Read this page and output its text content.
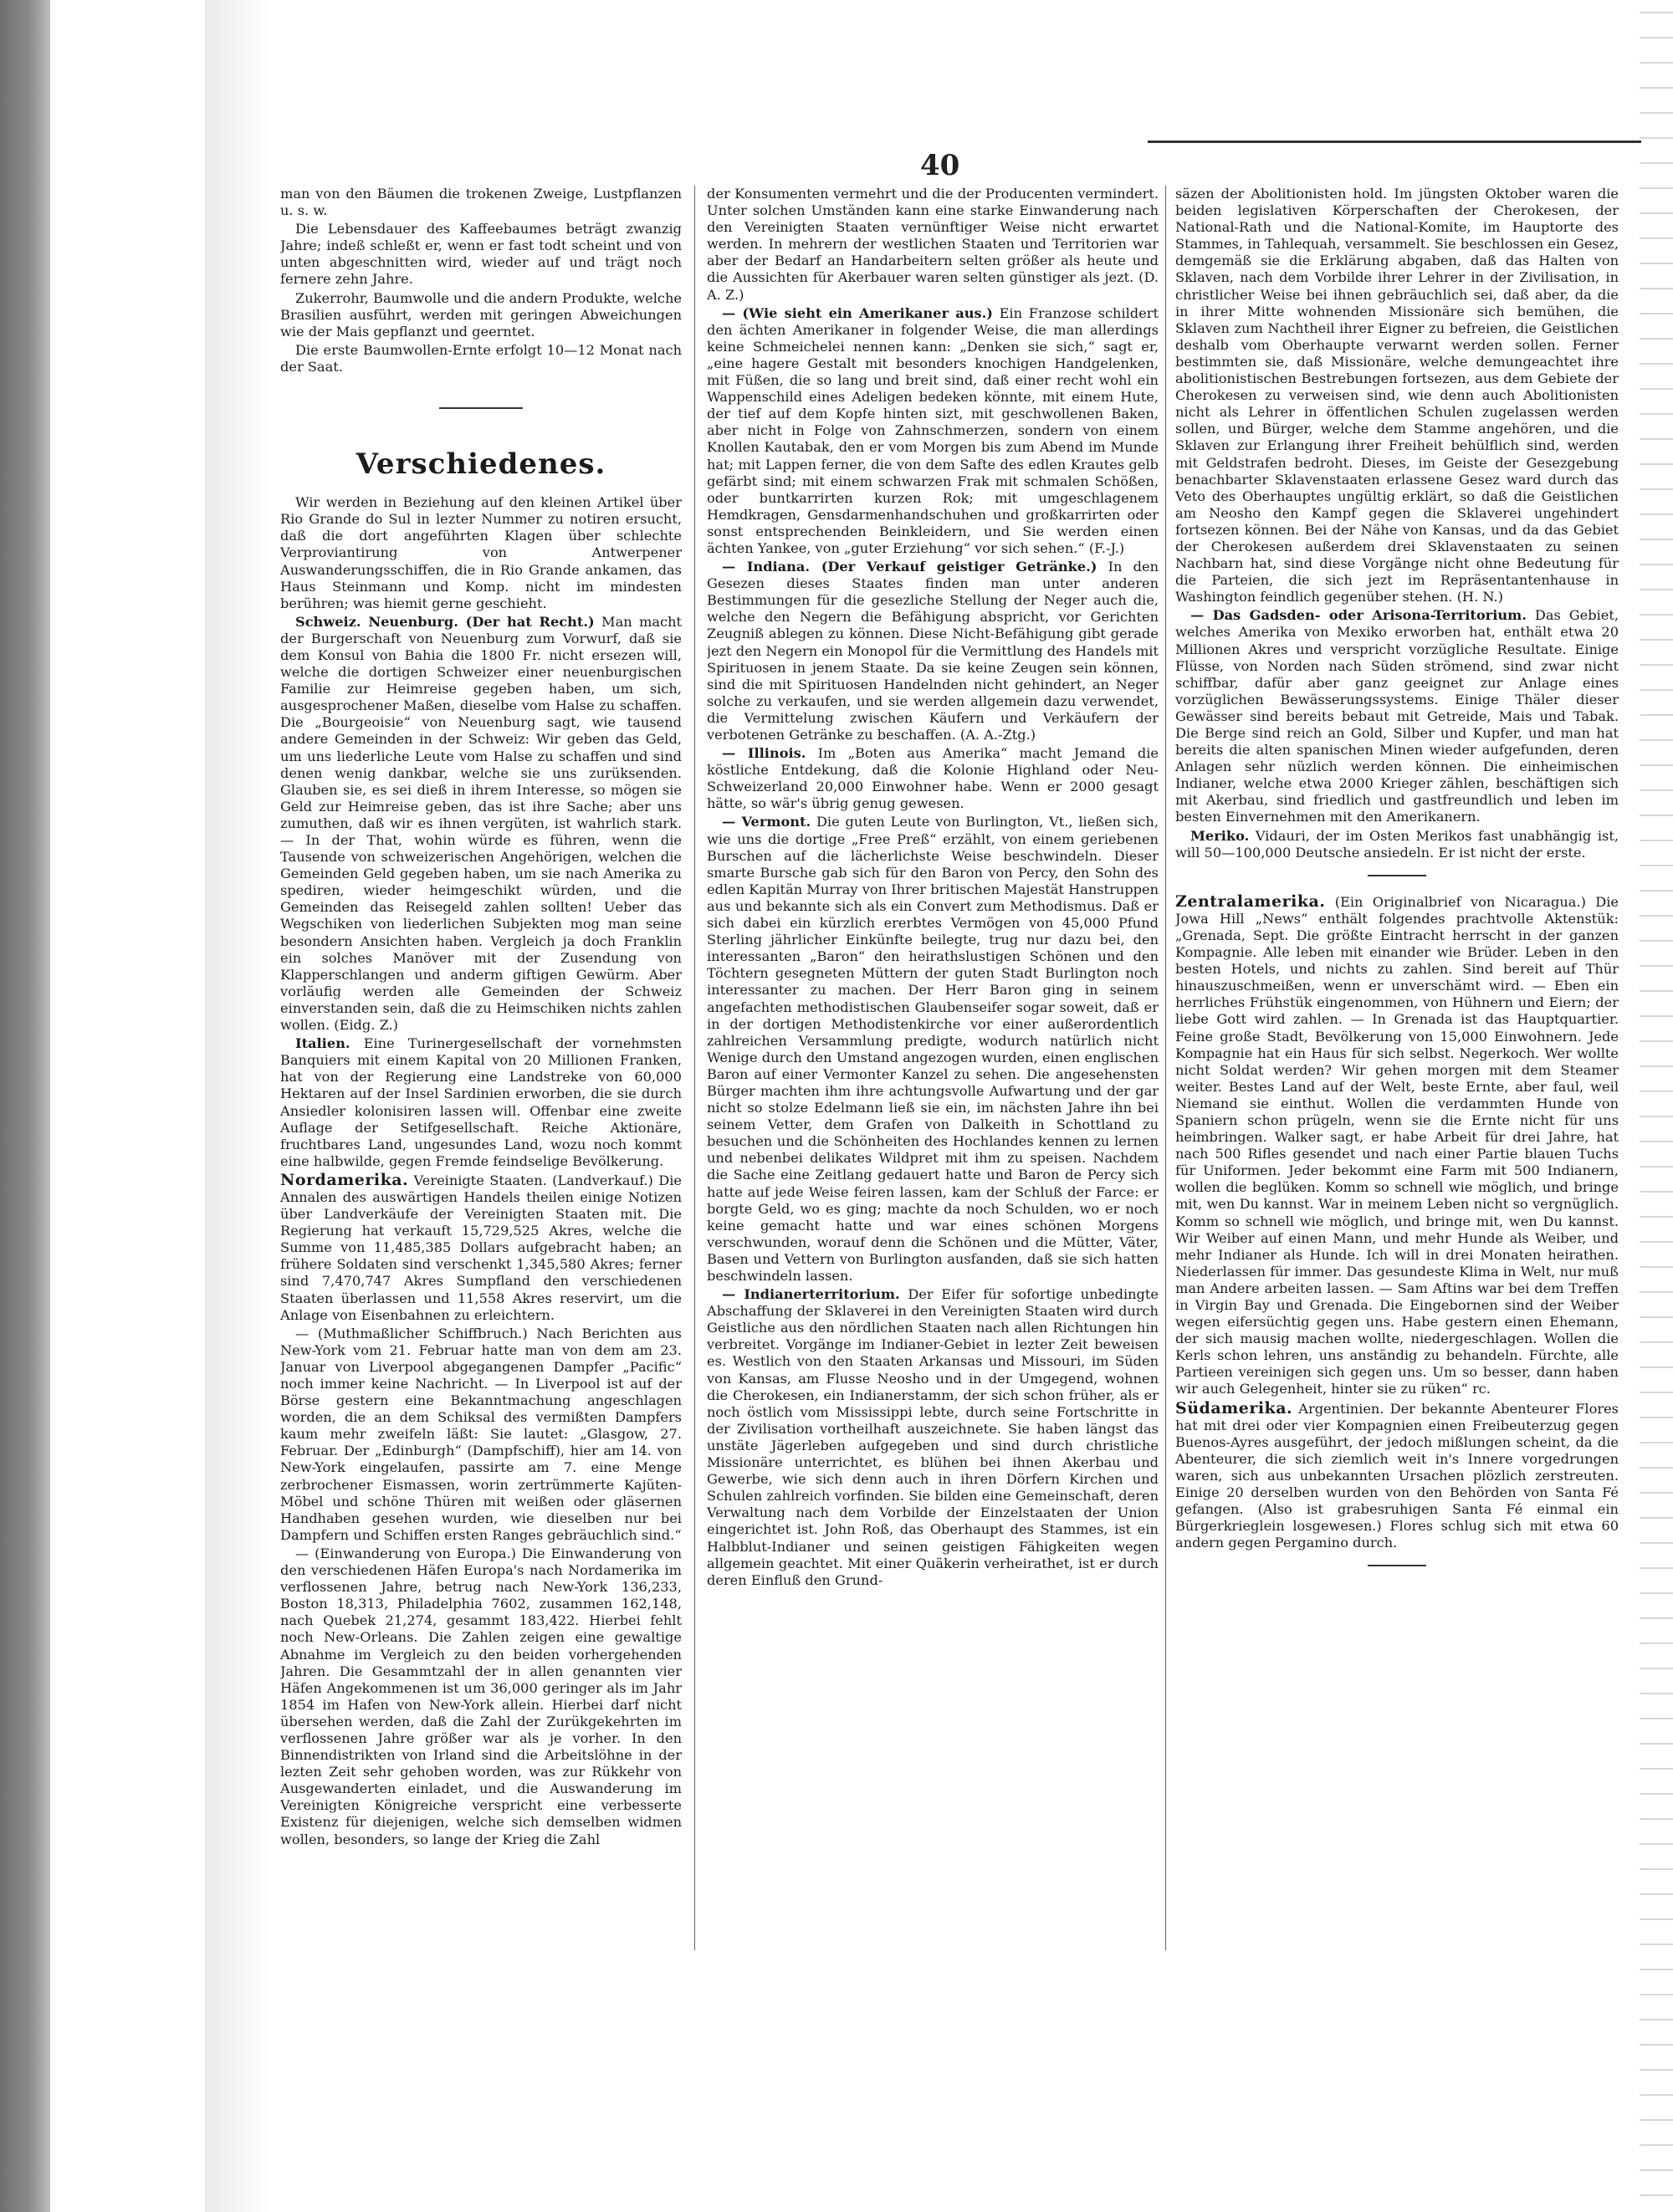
40

man von den Bäumen die trokenen Zweige, Lustpflanzen u. s. w.

Die Lebensdauer des Kaffeebaumes beträgt zwanzig Jahre; indeß schleßt er, wenn er fast todt scheint und von unten abgeschnitten wird, wieder auf und trägt noch fernere zehn Jahre.

Zukerrohr, Baumwolle und die andern Produkte, welche Brasilien ausführt, werden mit geringen Abweichungen wie der Mais gepflanzt und geerntet.

Die erste Baumwollen-Ernte erfolgt 10—12 Monat nach der Saat.

Verschiedenes.

Wir werden in Beziehung auf den kleinen Artikel über Rio Grande do Sul in lezter Nummer zu notiren ersucht, daß die dort angeführten Klagen über schlechte Verproviantirung von Antwerpener Auswanderungsschiffen, die in Rio Grande ankamen, das Haus Steinmann und Komp. nicht im mindesten berühren; was hiemit gerne geschieht.

Schweiz. Neuenburg. (Der hat Recht.) Man macht der Burgerschaft von Neuenburg zum Vorwurf, daß sie dem Konsul von Bahia die 1800 Fr. nicht ersezen will, welche die dortigen Schweizer einer neuenburgischen Familie zur Heimreise gegeben haben, um sich, ausgesprochener Maßen, dieselbe vom Halse zu schaffen. Die „Bourgeoisie“ von Neuenburg sagt, wie tausend andere Gemeinden in der Schweiz: Wir geben das Geld, um uns liederliche Leute vom Halse zu schaffen und sind denen wenig dankbar, welche sie uns zurüksenden. Glauben sie, es sei dieß in ihrem Interesse, so mögen sie Geld zur Heimreise geben, das ist ihre Sache; aber uns zumuthen, daß wir es ihnen vergüten, ist wahrlich stark. — In der That, wohin würde es führen, wenn die Tausende von schweizerischen Angehörigen, welchen die Gemeinden Geld gegeben haben, um sie nach Amerika zu spediren, wieder heimgeschikt würden, und die Gemeinden das Reisegeld zahlen sollten! Ueber das Wegschiken von liederlichen Subjekten mog man seine besondern Ansichten haben. Vergleich ja doch Franklin ein solches Manöver mit der Zusendung von Klapperschlangen und anderm giftigen Gewürm. Aber vorläufig werden alle Gemeinden der Schweiz einverstanden sein, daß die zu Heimschiken nichts zahlen wollen. (Eidg. Z.)

Italien. Eine Turinergesellschaft der vornehmsten Banquiers mit einem Kapital von 20 Millionen Franken, hat von der Regierung eine Landstreke von 60,000 Hektaren auf der Insel Sardinien erworben, die sie durch Ansiedler kolonisiren lassen will. Offenbar eine zweite Auflage der Setifgesellschaft. Reiche Aktionäre, fruchtbares Land, ungesundes Land, wozu noch kommt eine halbwilde, gegen Fremde feindselige Bevölkerung.

Nordamerika. Vereinigte Staaten. (Landverkauf.) Die Annalen des auswärtigen Handels theilen einige Notizen über Landverkäufe der Vereinigten Staaten mit. Die Regierung hat verkauft 15,729,525 Akres, welche die Summe von 11,485,385 Dollars aufgebracht haben; an frühere Soldaten sind verschenkt 1,345,580 Akres; ferner sind 7,470,747 Akres Sumpfland den verschiedenen Staaten überlassen und 11,558 Akres reservirt, um die Anlage von Eisenbahnen zu erleichtern.

— (Muthmaßlicher Schiffbruch.) Nach Berichten aus New-York vom 21. Februar hatte man von dem am 23. Januar von Liverpool abgegangenen Dampfer „Pacific“ noch immer keine Nachricht. — In Liverpool ist auf der Börse gestern eine Bekanntmachung angeschlagen worden, die an dem Schiksal des vermißten Dampfers kaum mehr zweifeln läßt: Sie lautet: „Glasgow, 27. Februar. Der „Edinburgh“ (Dampfschiff), hier am 14. von New-York eingelaufen, passirte am 7. eine Menge zerbrochener Eismassen, worin zertrümmerte Kajüten-Möbel und schöne Thüren mit weißen oder gläsernen Handhaben gesehen wurden, wie dieselben nur bei Dampfern und Schiffen ersten Ranges gebräuchlich sind.“

— (Einwanderung von Europa.) Die Einwanderung von den verschiedenen Häfen Europa's nach Nordamerika im verflossenen Jahre, betrug nach New-York 136,233, Boston 18,313, Philadelphia 7602, zusammen 162,148, nach Quebek 21,274, gesammt 183,422. Hierbei fehlt noch New-Orleans. Die Zahlen zeigen eine gewaltige Abnahme im Vergleich zu den beiden vorhergehenden Jahren. Die Gesammtzahl der in allen genannten vier Häfen Angekommenen ist um 36,000 geringer als im Jahr 1854 im Hafen von New-York allein. Hierbei darf nicht übersehen werden, daß die Zahl der Zurükgekehrten im verflossenen Jahre größer war als je vorher. In den Binnendistrikten von Irland sind die Arbeitslöhne in der lezten Zeit sehr gehoben worden, was zur Rükkehr von Ausgewanderten einladet, und die Auswanderung im Vereinigten Königreiche verspricht eine verbesserte Existenz für diejenigen, welche sich demselben widmen wollen, besonders, so lange der Krieg die Zahl

der Konsumenten vermehrt und die der Producenten vermindert. Unter solchen Umständen kann eine starke Einwanderung nach den Vereinigten Staaten vernünftiger Weise nicht erwartet werden. In mehrern der westlichen Staaten und Territorien war aber der Bedarf an Handarbeitern selten größer als heute und die Aussichten für Akerbauer waren selten günstiger als jezt. (D. A. Z.)

— (Wie sieht ein Amerikaner aus.) Ein Franzose schildert den ächten Amerikaner in folgender Weise, die man allerdings keine Schmeichelei nennen kann: „Denken sie sich,“ sagt er, „eine hagere Gestalt mit besonders knochigen Handgelenken, mit Füßen, die so lang und breit sind, daß einer recht wohl ein Wappenschild eines Adeligen bedeken könnte, mit einem Hute, der tief auf dem Kopfe hinten sizt, mit geschwollenen Baken, aber nicht in Folge von Zahnschmerzen, sondern von einem Knollen Kautabak, den er vom Morgen bis zum Abend im Munde hat; mit Lappen ferner, die von dem Safte des edlen Krautes gelb gefärbt sind; mit einem schwarzen Frak mit schmalen Schößen, oder buntkarrirten kurzen Rok; mit umgeschlagenem Hemdkragen, Gensdarmenhandschuhen und großkarrirten oder sonst entsprechenden Beinkleidern, und Sie werden einen ächten Yankee, von „guter Erziehung“ vor sich sehen.“ (F.-J.)

— Indiana. (Der Verkauf geistiger Getränke.) In den Gesezen dieses Staates finden man unter anderen Bestimmungen für die gesezliche Stellung der Neger auch die, welche den Negern die Befähigung abspricht, vor Gerichten Zeugniß ablegen zu können. Diese Nicht-Befähigung gibt gerade jezt den Negern ein Monopol für die Vermittlung des Handels mit Spirituosen in jenem Staate. Da sie keine Zeugen sein können, sind die mit Spirituosen Handelnden nicht gehindert, an Neger solche zu verkaufen, und sie werden allgemein dazu verwendet, die Vermittelung zwischen Käufern und Verkäufern der verbotenen Getränke zu beschaffen. (A. A.-Ztg.)

— Illinois. Im „Boten aus Amerika“ macht Jemand die köstliche Entdekung, daß die Kolonie Highland oder Neu-Schweizerland 20,000 Einwohner habe. Wenn er 2000 gesagt hätte, so wär's übrig genug gewesen.

— Vermont. Die guten Leute von Burlington, Vt., ließen sich, wie uns die dortige „Free Preß“ erzählt, von einem geriebenen Burschen auf die lächerlichste Weise beschwindeln. Dieser smarte Bursche gab sich für den Baron von Percy, den Sohn des edlen Kapitän Murray von Ihrer britischen Majestät Hanstruppen aus und bekannte sich als ein Convert zum Methodismus. Daß er sich dabei ein kürzlich ererbtes Vermögen von 45,000 Pfund Sterling jährlicher Einkünfte beilegte, trug nur dazu bei, den interessanten „Baron“ den heirathslustigen Schönen und den Töchtern gesegneten Müttern der guten Stadt Burlington noch interessanter zu machen. Der Herr Baron ging in seinem angefachten methodistischen Glaubenseifer sogar soweit, daß er in der dortigen Methodistenkirche vor einer außerordentlich zahlreichen Versammlung predigte, wodurch natürlich nicht Wenige durch den Umstand angezogen wurden, einen englischen Baron auf einer Vermonter Kanzel zu sehen. Die angesehensten Bürger machten ihm ihre achtungsvolle Aufwartung und der gar nicht so stolze Edelmann ließ sie ein, im nächsten Jahre ihn bei seinem Vetter, dem Grafen von Dalkeith in Schottland zu besuchen und die Schönheiten des Hochlandes kennen zu lernen und nebenbei delikates Wildpret mit ihm zu speisen. Nachdem die Sache eine Zeitlang gedauert hatte und Baron de Percy sich hatte auf jede Weise feiren lassen, kam der Schluß der Farce: er borgte Geld, wo es ging; machte da noch Schulden, wo er noch keine gemacht hatte und war eines schönen Morgens verschwunden, worauf denn die Schönen und die Mütter, Väter, Basen und Vettern von Burlington ausfanden, daß sie sich hatten beschwindeln lassen.

— Indianerterritorium. Der Eifer für sofortige unbedingte Abschaffung der Sklaverei in den Vereinigten Staaten wird durch Geistliche aus den nördlichen Staaten nach allen Richtungen hin verbreitet. Vorgänge im Indianer-Gebiet in lezter Zeit beweisen es. Westlich von den Staaten Arkansas und Missouri, im Süden von Kansas, am Flusse Neosho und in der Umgegend, wohnen die Cherokesen, ein Indianerstamm, der sich schon früher, als er noch östlich vom Mississippi lebte, durch seine Fortschritte in der Zivilisation vortheilhaft auszeichnete. Sie haben längst das unstäte Jägerleben aufgegeben und sind durch christliche Missionäre unterrichtet, es blühen bei ihnen Akerbau und Gewerbe, wie sich denn auch in ihren Dörfern Kirchen und Schulen zahlreich vorfinden. Sie bilden eine Gemeinschaft, deren Verwaltung nach dem Vorbilde der Einzelstaaten der Union eingerichtet ist. John Roß, das Oberhaupt des Stammes, ist ein Halbblut-Indianer und seinen geistigen Fähigkeiten wegen allgemein geachtet. Mit einer Quäkerin verheirathet, ist er durch deren Einfluß den Grund-

säzen der Abolitionisten hold. Im jüngsten Oktober waren die beiden legislativen Körperschaften der Cherokesen, der National-Rath und die National-Komite, im Hauptorte des Stammes, in Tahlequah, versammelt. Sie beschlossen ein Gesez, demgemäß sie die Erklärung abgaben, daß das Halten von Sklaven, nach dem Vorbilde ihrer Lehrer in der Zivilisation, in christlicher Weise bei ihnen gebräuchlich sei, daß aber, da die in ihrer Mitte wohnenden Missionäre sich bemühen, die Sklaven zum Nachtheil ihrer Eigner zu befreien, die Geistlichen deshalb vom Oberhaupte verwarnt werden sollen. Ferner bestimmten sie, daß Missionäre, welche demungeachtet ihre abolitionistischen Bestrebungen fortsezen, aus dem Gebiete der Cherokesen zu verweisen sind, wie denn auch Abolitionisten nicht als Lehrer in öffentlichen Schulen zugelassen werden sollen, und Bürger, welche dem Stamme angehören, und die Sklaven zur Erlangung ihrer Freiheit behülflich sind, werden mit Geldstrafen bedroht. Dieses, im Geiste der Gesezgebung benachbarter Sklavenstaaten erlassene Gesez ward durch das Veto des Oberhauptes ungültig erklärt, so daß die Geistlichen am Neosho den Kampf gegen die Sklaverei ungehindert fortsezen können. Bei der Nähe von Kansas, und da das Gebiet der Cherokesen außerdem drei Sklavenstaaten zu seinen Nachbarn hat, sind diese Vorgänge nicht ohne Bedeutung für die Parteien, die sich jezt im Repräsentantenhause in Washington feindlich gegenüber stehen. (H. N.)

— Das Gadsden- oder Arisona-Territorium. Das Gebiet, welches Amerika von Mexiko erworben hat, enthält etwa 20 Millionen Akres und verspricht vorzügliche Resultate. Einige Flüsse, von Norden nach Süden strömend, sind zwar nicht schiffbar, dafür aber ganz geeignet zur Anlage eines vorzüglichen Bewässerungssystems. Einige Thäler dieser Gewässer sind bereits bebaut mit Getreide, Mais und Tabak. Die Berge sind reich an Gold, Silber und Kupfer, und man hat bereits die alten spanischen Minen wieder aufgefunden, deren Anlagen sehr nüzlich werden können. Die einheimischen Indianer, welche etwa 2000 Krieger zählen, beschäftigen sich mit Akerbau, sind friedlich und gastfreundlich und leben im besten Einvernehmen mit den Amerikanern.

Meriko. Vidauri, der im Osten Merikos fast unabhängig ist, will 50—100,000 Deutsche ansiedeln. Er ist nicht der erste.

Zentralamerika. (Ein Originalbrief von Nicaragua.) Die Jowa Hill „News“ enthält folgendes prachtvolle Aktenstük: „Grenada, Sept. Die größte Eintracht herrscht in der ganzen Kompagnie. Alle leben mit einander wie Brüder. Leben in den besten Hotels, und nichts zu zahlen. Sind bereit auf Thür hinauszuschmeißen, wenn er unverschämt wird. — Eben ein herrliches Frühstük eingenommen, von Hühnern und Eiern; der liebe Gott wird zahlen. — In Grenada ist das Hauptquartier. Feine große Stadt, Bevölkerung von 15,000 Einwohnern. Jede Kompagnie hat ein Haus für sich selbst. Negerkoch. Wer wollte nicht Soldat werden? Wir gehen morgen mit dem Steamer weiter. Bestes Land auf der Welt, beste Ernte, aber faul, weil Niemand sie einthut. Wollen die verdammten Hunde von Spaniern schon prügeln, wenn sie die Ernte nicht für uns heimbringen. Walker sagt, er habe Arbeit für drei Jahre, hat nach 500 Rifles gesendet und nach einer Partie blauen Tuchs für Uniformen. Jeder bekommt eine Farm mit 500 Indianern, wollen die beglüken. Komm so schnell wie möglich, und bringe mit, wen Du kannst. War in meinem Leben nicht so vergnüglich. Komm so schnell wie möglich, und bringe mit, wen Du kannst. Wir Weiber auf einen Mann, und mehr Hunde als Weiber, und mehr Indianer als Hunde. Ich will in drei Monaten heirathen. Niederlassen für immer. Das gesundeste Klima in Welt, nur muß man Andere arbeiten lassen. — Sam Aftins war bei dem Treffen in Virgin Bay und Grenada. Die Eingebornen sind der Weiber wegen eifersüchtig gegen uns. Habe gestern einen Ehemann, der sich mausig machen wollte, niedergeschlagen. Wollen die Kerls schon lehren, uns anständig zu behandeln. Fürchte, alle Partieen vereinigen sich gegen uns. Um so besser, dann haben wir auch Gelegenheit, hinter sie zu rüken“ rc.

Südamerika. Argentinien. Der bekannte Abenteurer Flores hat mit drei oder vier Kompagnien einen Freibeuterzug gegen Buenos-Ayres ausgeführt, der jedoch mißlungen scheint, da die Abenteurer, die sich ziemlich weit in's Innere vorgedrungen waren, sich aus unbekannten Ursachen plözlich zerstreuten. Einige 20 derselben wurden von den Behörden von Santa Fé gefangen. (Also ist grabesruhigen Santa Fé einmal ein Bürgerkrieglein losgewesen.) Flores schlug sich mit etwa 60 andern gegen Pergamino durch.
